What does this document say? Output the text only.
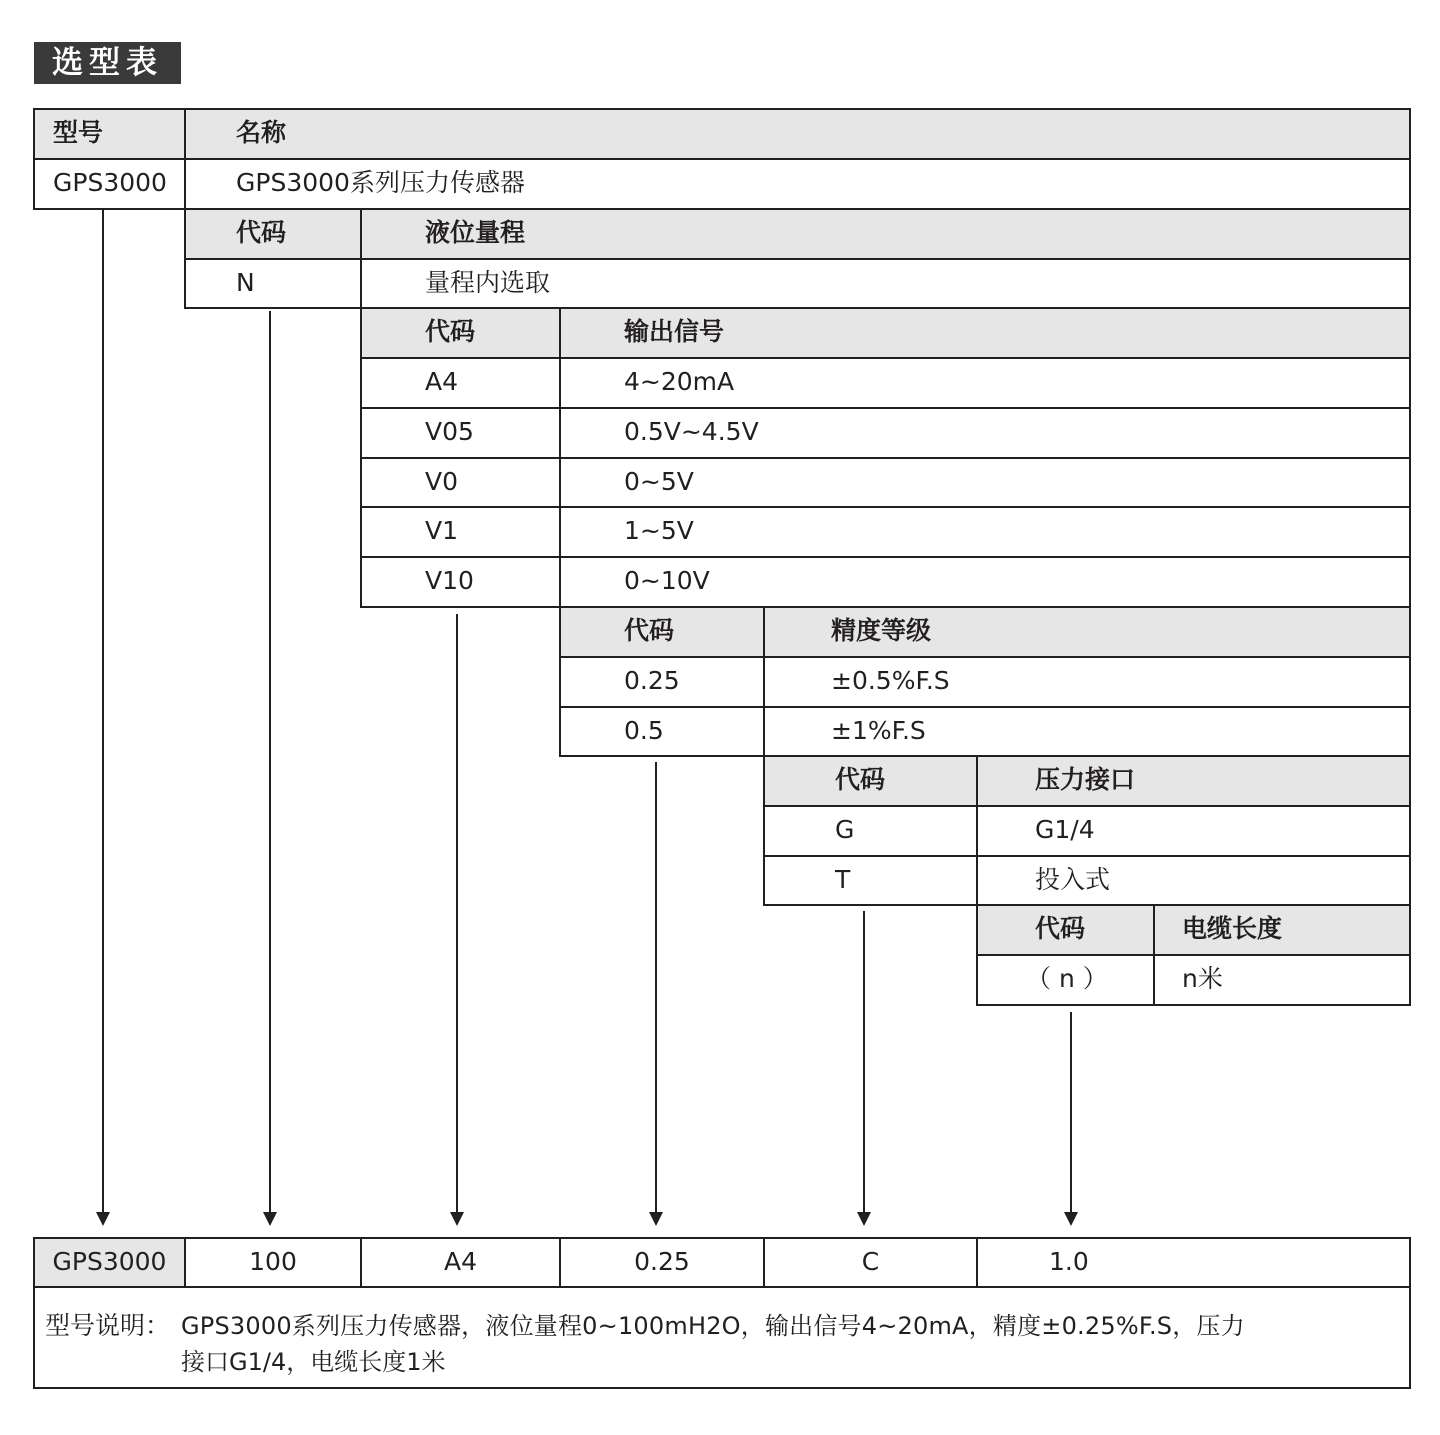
选型表
型号	名称
GPS3000	GPS3000系列压力传感器
代码	液位量程
N	量程内选取
代码	输出信号
A4	4~20mA
V05	0.5V~4.5V
V0	0~5V
V1	1~5V
V10	0~10V
代码	精度等级
0.25	±0.5%F.S
0.5	±1%F.S
代码	压力接口
G	G1/4
T	投入式
代码	电缆长度
（ n ）	n米
GPS3000	100	A4	0.25	C	1.0
型号说明： GPS3000系列压力传感器，液位量程0~100mH2O，输出信号4~20mA，精度±0.25%F.S，压力
接口G1/4，电缆长度1米
